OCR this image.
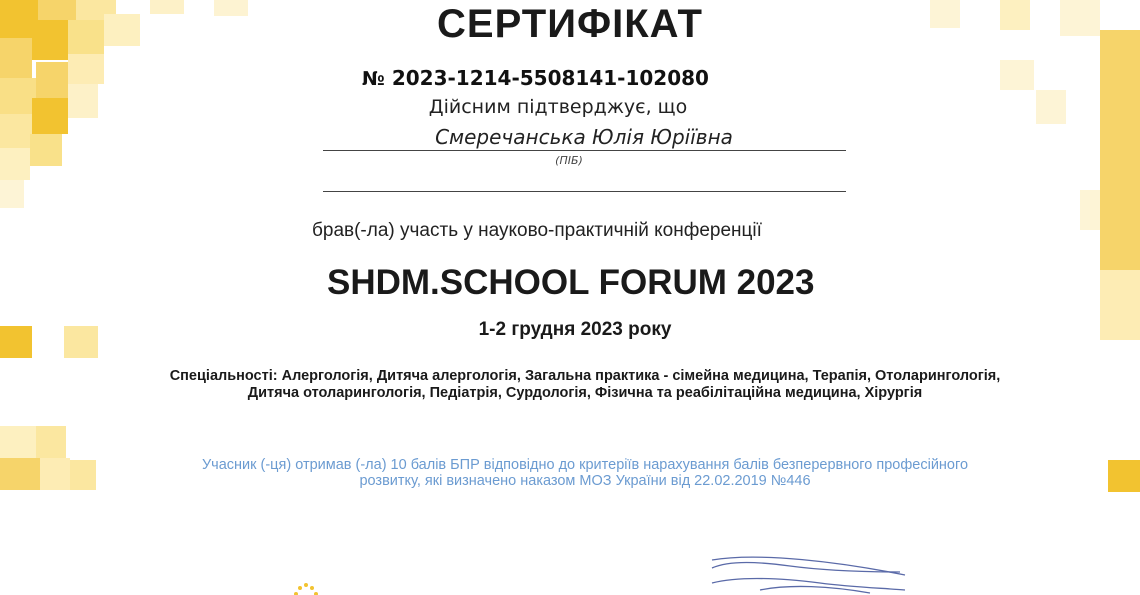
СЕРТИФІКАТ
№ 2023-1214-5508141-102080
Дійсним підтверджує, що
Смеречанська Юлія Юріївна
(ПІБ)
брав(-ла) участь у науково-практичній конференції
SHDM.SCHOOL FORUM 2023
1-2 грудня 2023 року
Спеціальності: Алергологія, Дитяча алергологія, Загальна практика - сімейна медицина, Терапія, Отоларингологія, Дитяча отоларингологія, Педіатрія, Сурдологія, Фізична та реабілітаційна медицина, Хірургія
Учасник (-ця) отримав (-ла) 10 балів БПР відповідно до критеріїв нарахування балів безперервного професійного розвитку, які визначено наказом МОЗ України від 22.02.2019 №446
